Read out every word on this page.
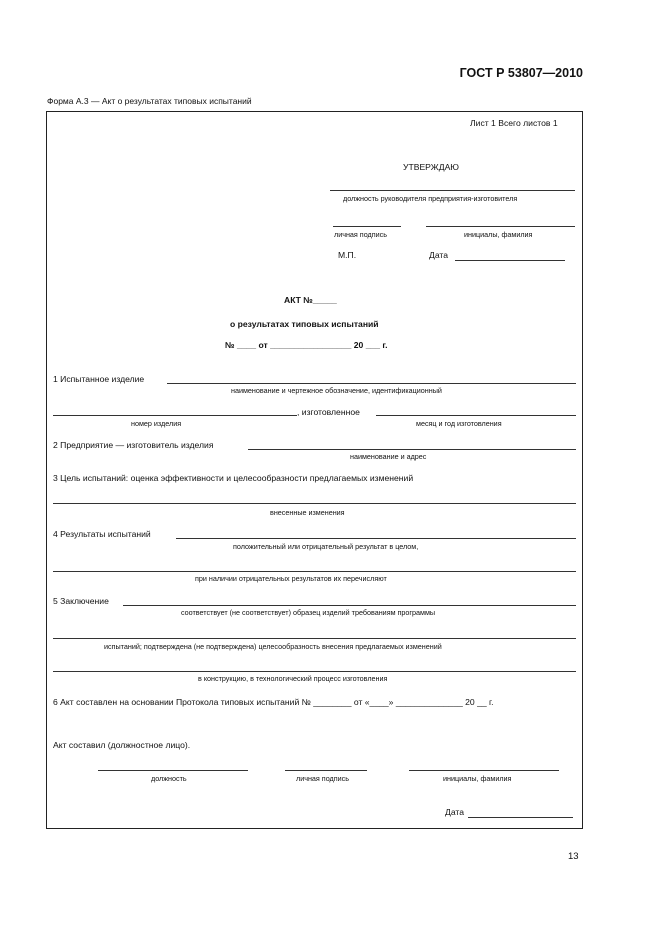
ГОСТ Р 53807—2010
Форма А.3 — Акт о результатах типовых испытаний
Лист 1 Всего листов 1
УТВЕРЖДАЮ
должность руководителя предприятия-изготовителя
личная подпись	инициалы, фамилия
М.П.	Дата
АКТ №_____
о результатах типовых испытаний
№ ____ от _________________ 20 ___ г.
1 Испытанное изделие
наименование и чертежное обозначение, идентификационный
, изготовленное
номер изделия	месяц и год изготовления
2 Предприятие — изготовитель изделия
наименование и адрес
3 Цель испытаний: оценка эффективности и целесообразности предлагаемых изменений
внесенные изменения
4 Результаты испытаний
положительный или отрицательный результат в целом,
при наличии отрицательных результатов их перечисляют
5 Заключение
соответствует (не соответствует) образец изделий требованиям программы
испытаний; подтверждена (не подтверждена) целесообразность внесения предлагаемых изменений
в конструкцию, в технологический процесс изготовления
6 Акт составлен на основании Протокола типовых испытаний № ________ от «____» ______________ 20 __ г.
Акт составил (должностное лицо).
должность	личная подпись	инициалы, фамилия
Дата
13
